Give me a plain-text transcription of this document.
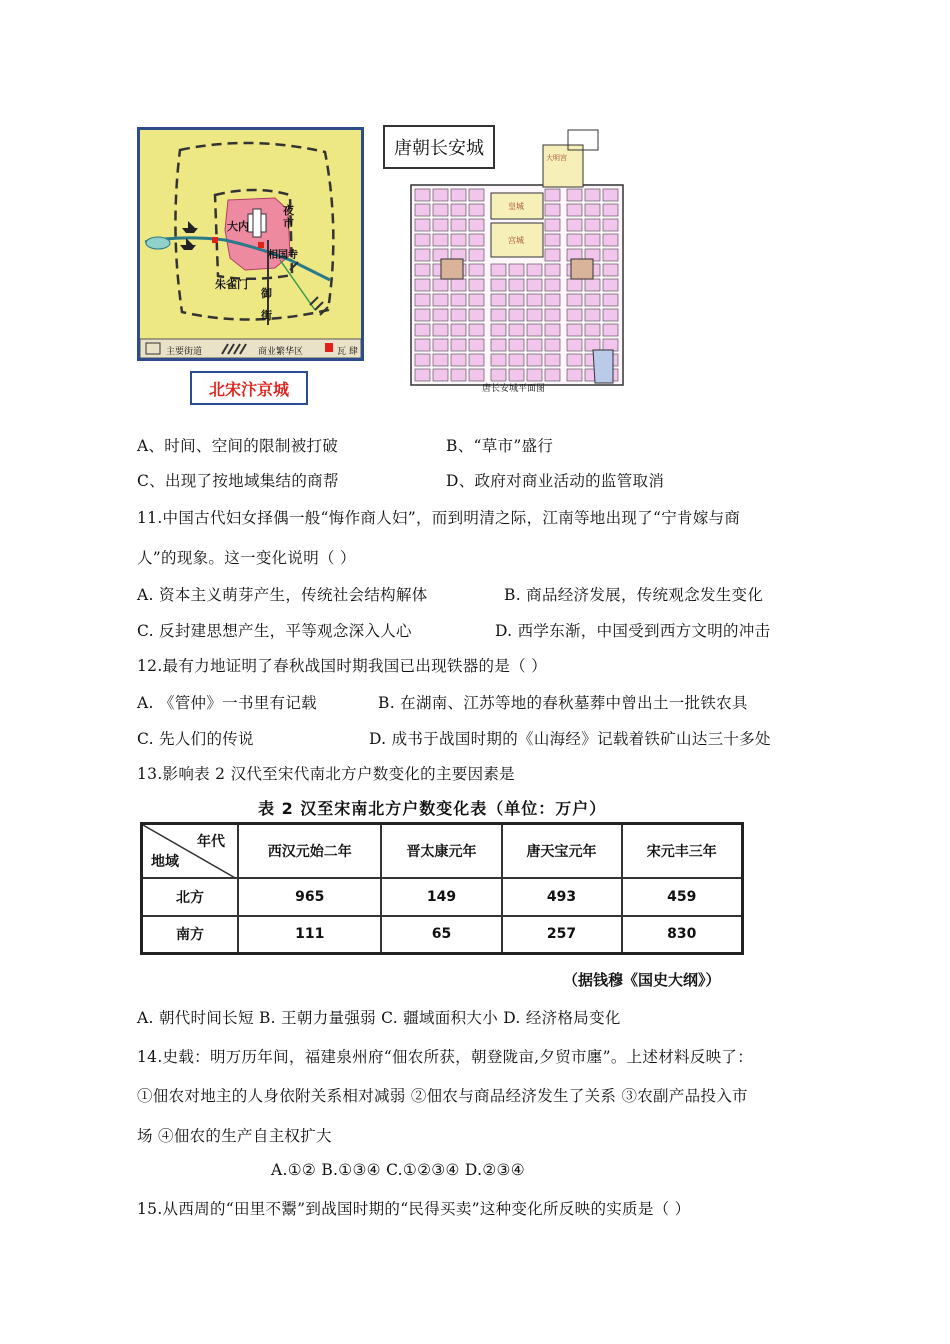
大内
夜市
相国寺
朱雀门
御街
主要街道	商业繁华区	瓦 肆
北宋汴京城
皇城
宫城
大明宫
唐长安城平面图
唐朝长安城
A、时间、空间的限制被打破	B、“草市”盛行
C、出现了按地域集结的商帮	D、政府对商业活动的监管取消
11.中国古代妇女择偶一般“悔作商人妇”，而到明清之际，江南等地出现了“宁肯嫁与商
人”的现象。这一变化说明（ ）
A. 资本主义萌芽产生，传统社会结构解体	B. 商品经济发展，传统观念发生变化
C. 反封建思想产生，平等观念深入人心	D. 西学东渐，中国受到西方文明的冲击
12.最有力地证明了春秋战国时期我国已出现铁器的是（ ）
A. 《管仲》一书里有记载	B. 在湖南、江苏等地的春秋墓葬中曾出土一批铁农具
C. 先人们的传说	D. 成书于战国时期的《山海经》记载着铁矿山达三十多处
13.影响表 2 汉代至宋代南北方户数变化的主要因素是
表 2 汉至宋南北方户数变化表（单位：万户）
年代
地域	西汉元始二年	晋太康元年	唐天宝元年	宋元丰三年
北方	965	149	493	459
南方	111	65	257	830
（据钱穆《国史大纲》）
A. 朝代时间长短 B. 王朝力量强弱 C. 疆域面积大小 D. 经济格局变化
14.史载：明万历年间，福建泉州府“佃农所获，朝登陇亩,夕贸市廛”。上述材料反映了：
①佃农对地主的人身依附关系相对减弱 ②佃农与商品经济发生了关系 ③农副产品投入市
场 ④佃农的生产自主权扩大
A.①② B.①③④ C.①②③④ D.②③④
15.从西周的“田里不鬻”到战国时期的“民得买卖”这种变化所反映的实质是（ ）
